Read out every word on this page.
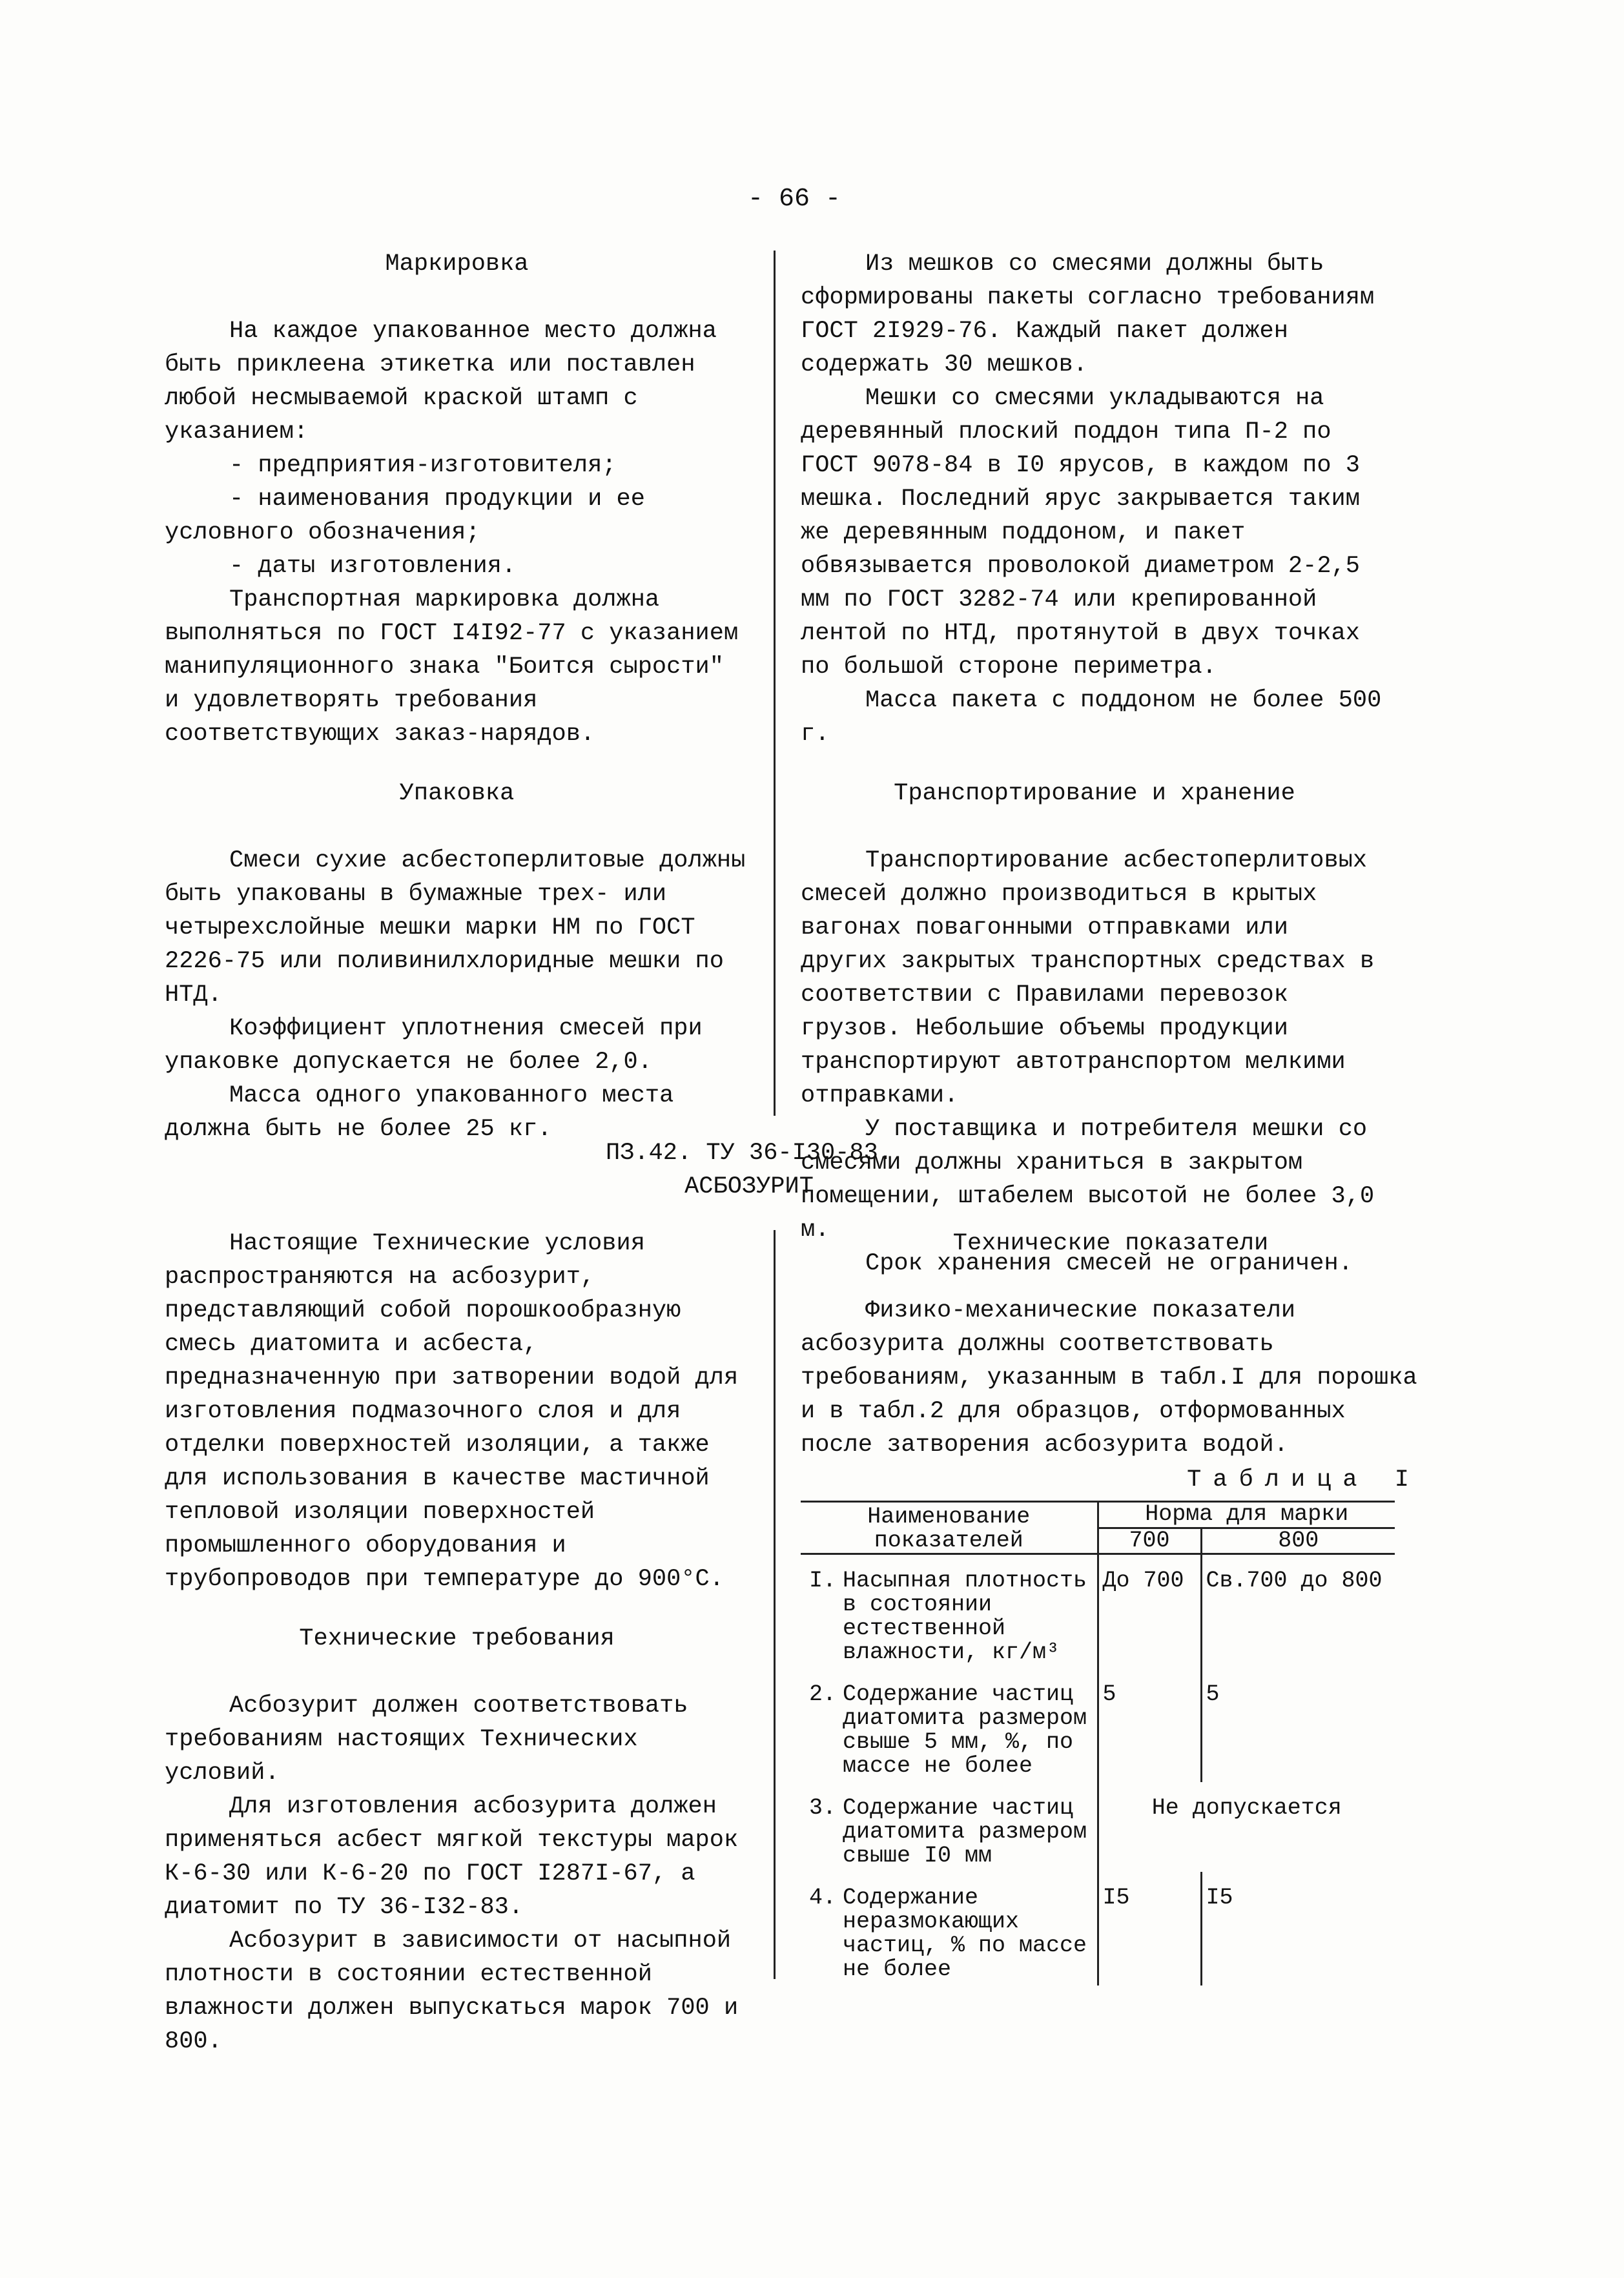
- 66 -

Маркировка

На каждое упакованное место должна быть приклеена этикетка или поставлен любой несмываемой краской штамп с указанием:

- предприятия-изготовителя;

- наименования продукции и ее условного обозначения;

- даты изготовления.

Транспортная маркировка должна выполняться по ГОСТ I4I92-77 с указанием манипуляционного знака "Боится сырости" и удовлетворять требования соответствующих заказ-нарядов.

Упаковка

Смеси сухие асбестоперлитовые должны быть упакованы в бумажные трех- или четырехслойные мешки марки НМ по ГОСТ 2226-75 или поливинилхлоридные мешки по НТД.

Коэффициент уплотнения смесей при упаковке допускается не более 2,0.

Масса одного упакованного места должна быть не более 25 кг.

Из мешков со смесями должны быть сформированы пакеты согласно требованиям ГОСТ 2I929-76. Каждый пакет должен содержать 30 мешков.

Мешки со смесями укладываются на деревянный плоский поддон типа П-2 по ГОСТ 9078-84 в I0 ярусов, в каждом по 3 мешка. Последний ярус закрывается таким же деревянным поддоном, и пакет обвязывается проволокой диаметром 2-2,5 мм по ГОСТ 3282-74 или крепированной лентой по НТД, протянутой в двух точках по большой стороне периметра.

Масса пакета с поддоном не более 500 г.

Транспортирование и хранение

Транспортирование асбестоперлитовых смесей должно производиться в крытых вагонах повагонными отправками или других закрытых транспортных средствах в соответствии с Правилами перевозок грузов. Небольшие объемы продукции транспортируют автотранспортом мелкими отправками.

У поставщика и потребителя мешки со смесями должны храниться в закрытом помещении, штабелем высотой не более 3,0 м.

Срок хранения смесей не ограничен.

ПЗ.42. ТУ 36-I30-83.
АСБОЗУРИТ

Настоящие Технические условия распространяются на асбозурит, представляющий собой порошкообразную смесь диатомита и асбеста, предназначенную при затворении водой для изготовления подмазочного слоя и для отделки поверхностей изоляции, а также для использования в качестве мастичной тепловой изоляции поверхностей промышленного оборудования и трубопроводов при температуре до 900°С.

Технические требования

Асбозурит должен соответствовать требованиям настоящих Технических условий.

Для изготовления асбозурита должен применяться асбест мягкой текстуры марок К-6-30 или К-6-20 по ГОСТ I287I-67, а диатомит по ТУ 36-I32-83.

Асбозурит в зависимости от насыпной плотности в состоянии естественной влажности должен выпускаться марок 700 и 800.

Технические показатели

Физико-механические показатели асбозурита должны соответствовать требованиям, указанным в табл.I для порошка и в табл.2 для образцов, отформованных после затворения асбозурита водой.

Таблица I
Наименование показателей	Норма для марки	
	700	800

I. Насыпная плотность в состоянии естественной влажности, кг/м³	До 700	Св.700 до 800

2. Содержание частиц диатомита размером свыше 5 мм, %, по массе не более	5	5

3. Содержание частиц диатомита размером свыше I0 мм	Не допускается	

4. Содержание неразмокающих частиц, % по массе не более	I5	I5
